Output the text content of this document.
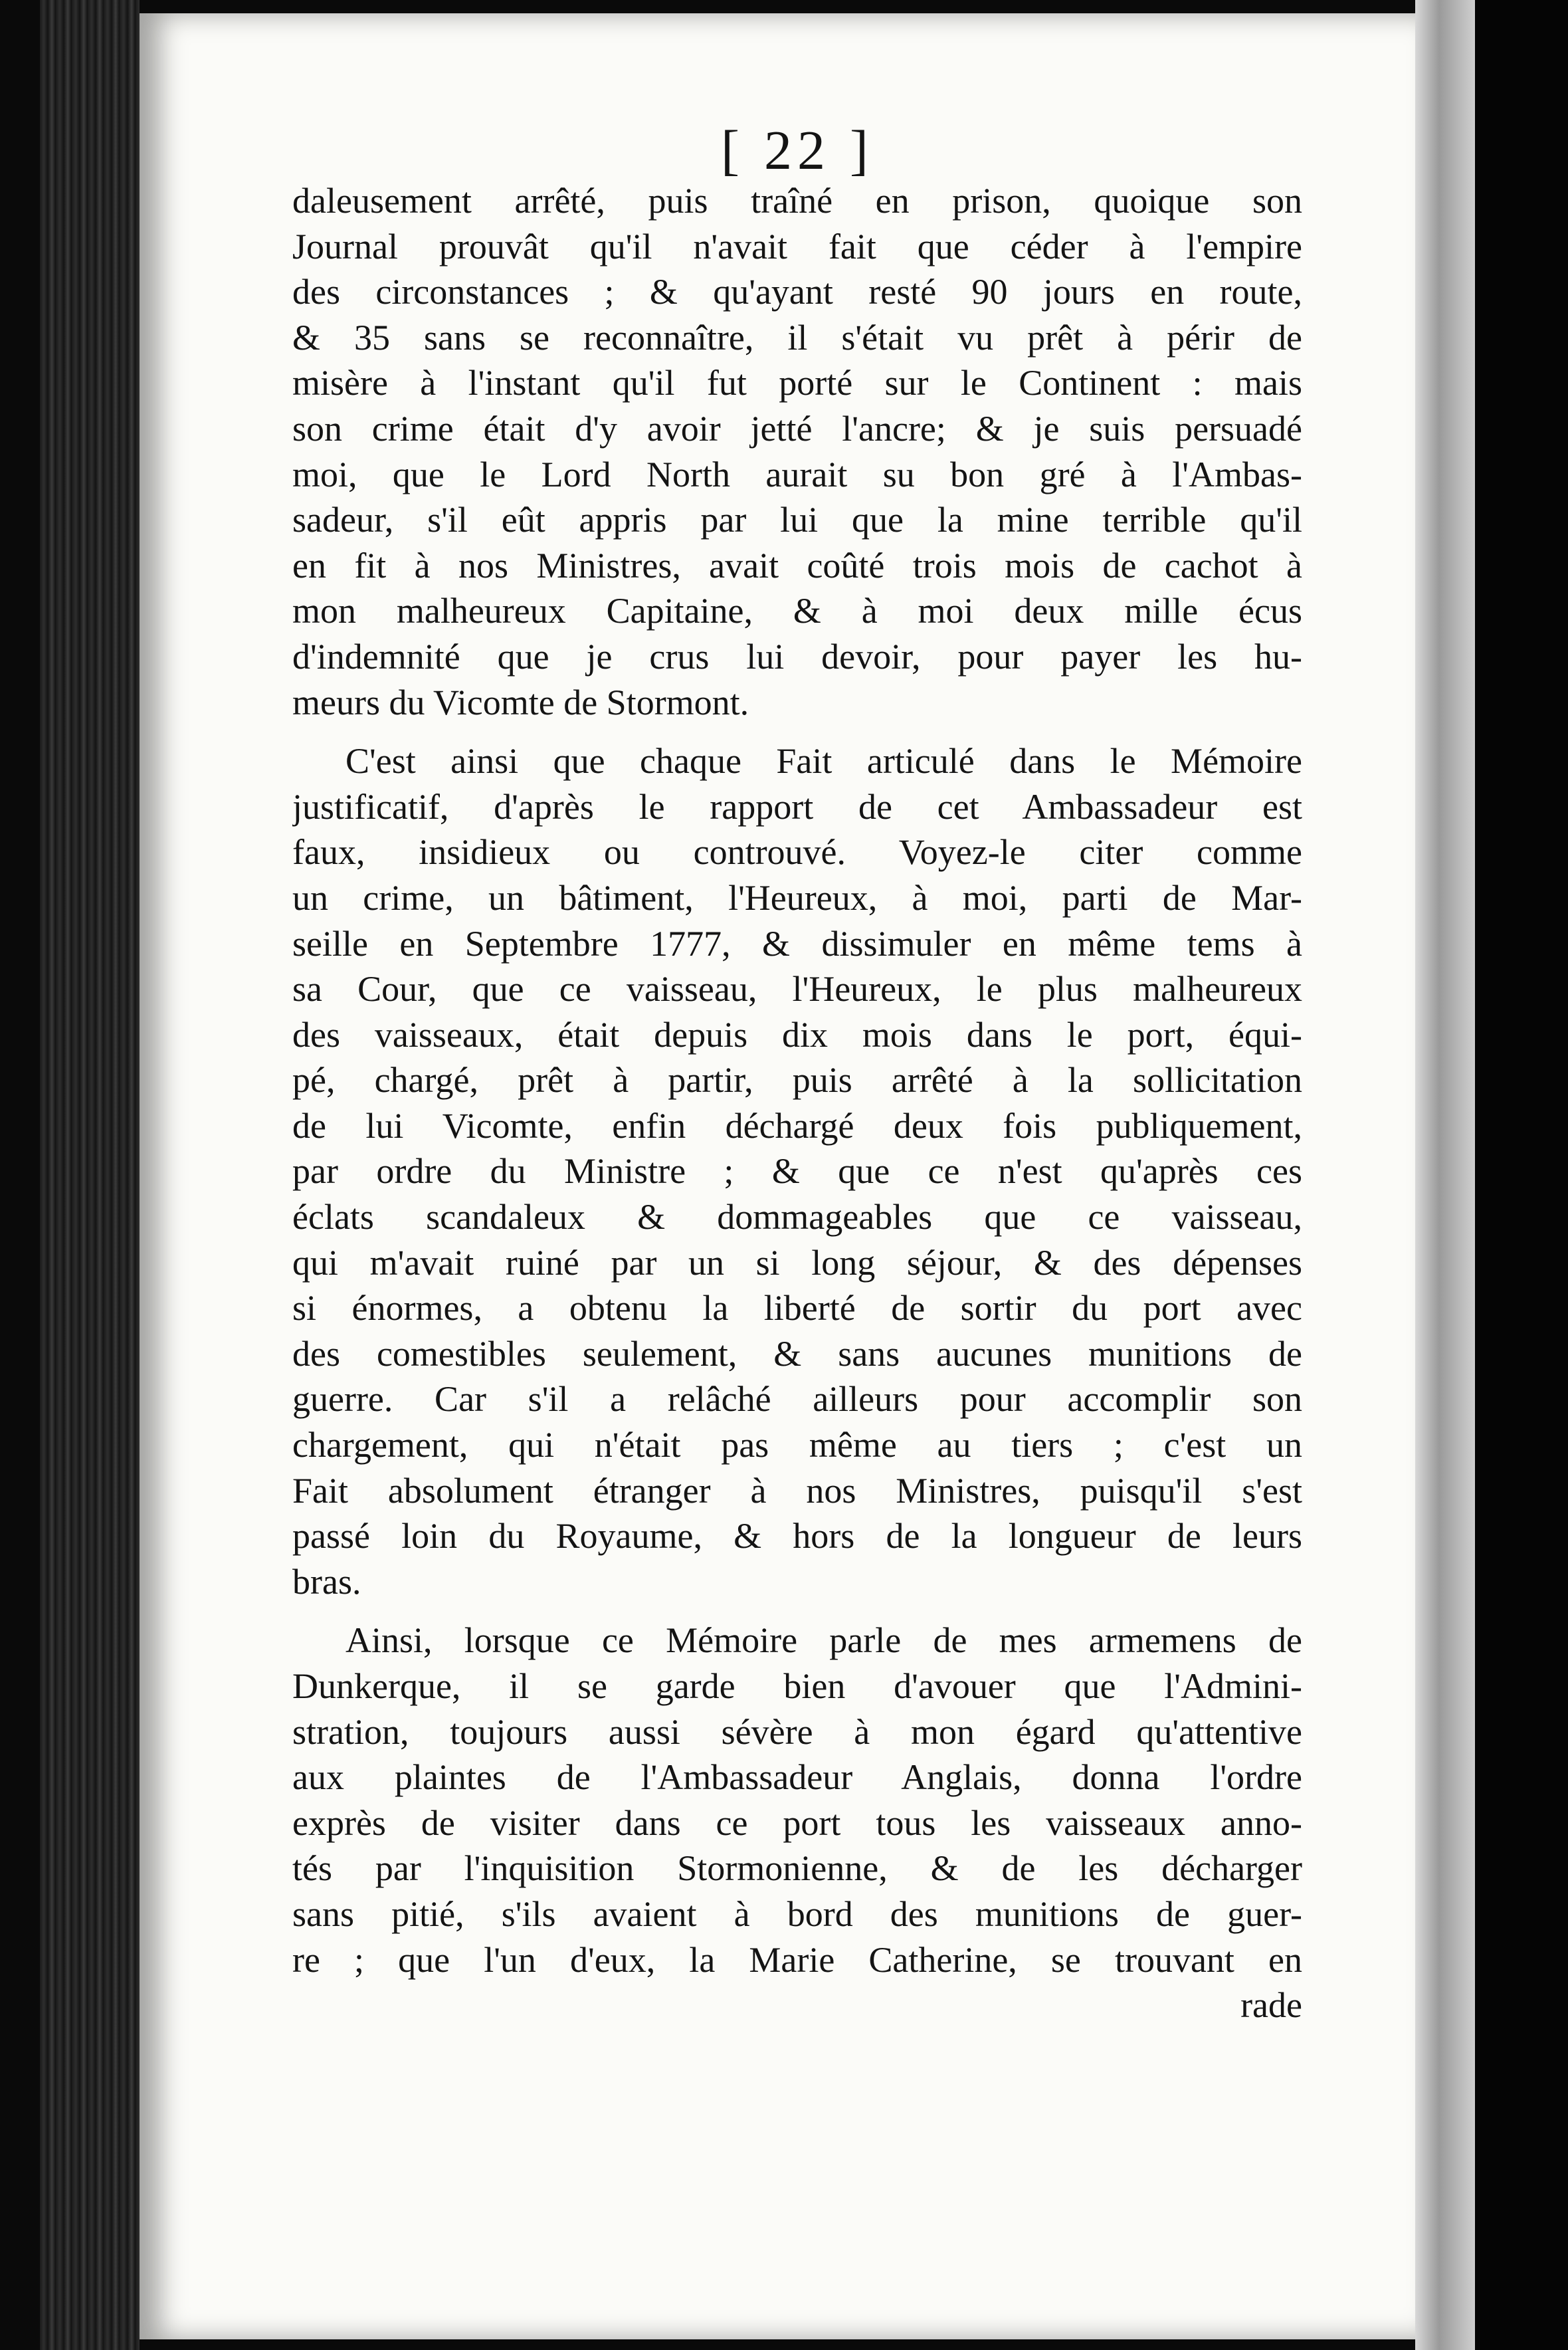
[ 22 ]
daleusement arrêté, puis traîné en prison, quoique son
Journal prouvât qu'il n'avait fait que céder à l'empire
des circonstances ; & qu'ayant resté 90 jours en route,
& 35 sans se reconnaître, il s'était vu prêt à périr de
misère à l'instant qu'il fut porté sur le Continent : mais
son crime était d'y avoir jetté l'ancre; & je suis persuadé
moi, que le Lord North aurait su bon gré à l'Ambas-
sadeur, s'il eût appris par lui que la mine terrible qu'il
en fit à nos Ministres, avait coûté trois mois de cachot à
mon malheureux Capitaine, & à moi deux mille écus
d'indemnité que je crus lui devoir, pour payer les hu-
meurs du Vicomte de Stormont.
C'est ainsi que chaque Fait articulé dans le Mémoire
justificatif, d'après le rapport de cet Ambassadeur est
faux, insidieux ou controuvé. Voyez-le citer comme
un crime, un bâtiment, l'Heureux, à moi, parti de Mar-
seille en Septembre 1777, & dissimuler en même tems à
sa Cour, que ce vaisseau, l'Heureux, le plus malheureux
des vaisseaux, était depuis dix mois dans le port, équi-
pé, chargé, prêt à partir, puis arrêté à la sollicitation
de lui Vicomte, enfin déchargé deux fois publiquement,
par ordre du Ministre ; & que ce n'est qu'après ces
éclats scandaleux & dommageables que ce vaisseau,
qui m'avait ruiné par un si long séjour, & des dépenses
si énormes, a obtenu la liberté de sortir du port avec
des comestibles seulement, & sans aucunes munitions de
guerre. Car s'il a relâché ailleurs pour accomplir son
chargement, qui n'était pas même au tiers ; c'est un
Fait absolument étranger à nos Ministres, puisqu'il s'est
passé loin du Royaume, & hors de la longueur de leurs
bras.
Ainsi, lorsque ce Mémoire parle de mes armemens de
Dunkerque, il se garde bien d'avouer que l'Admini-
stration, toujours aussi sévère à mon égard qu'attentive
aux plaintes de l'Ambassadeur Anglais, donna l'ordre
exprès de visiter dans ce port tous les vaisseaux anno-
tés par l'inquisition Stormonienne, & de les décharger
sans pitié, s'ils avaient à bord des munitions de guer-
re ; que l'un d'eux, la Marie Catherine, se trouvant en
rade
